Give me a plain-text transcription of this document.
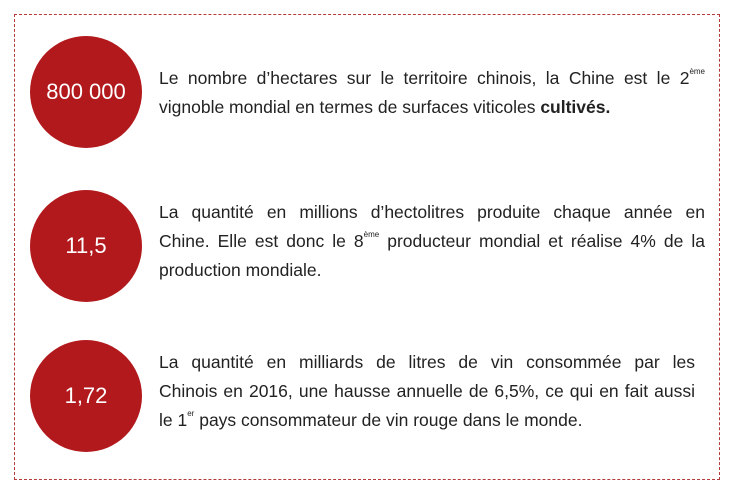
800 000
Le nombre d’hectares sur le territoire chinois, la Chine est le 2ème
vignoble mondial en termes de surfaces viticoles cultivés.
11,5
La quantité en millions d’hectolitres produite chaque année en
Chine. Elle est donc le 8ème producteur mondial et réalise 4% de la
production mondiale.
1,72
La quantité en milliards de litres de vin consommée par les
Chinois en 2016, une hausse annuelle de 6,5%, ce qui en fait aussi
le 1er pays consommateur de vin rouge dans le monde.
